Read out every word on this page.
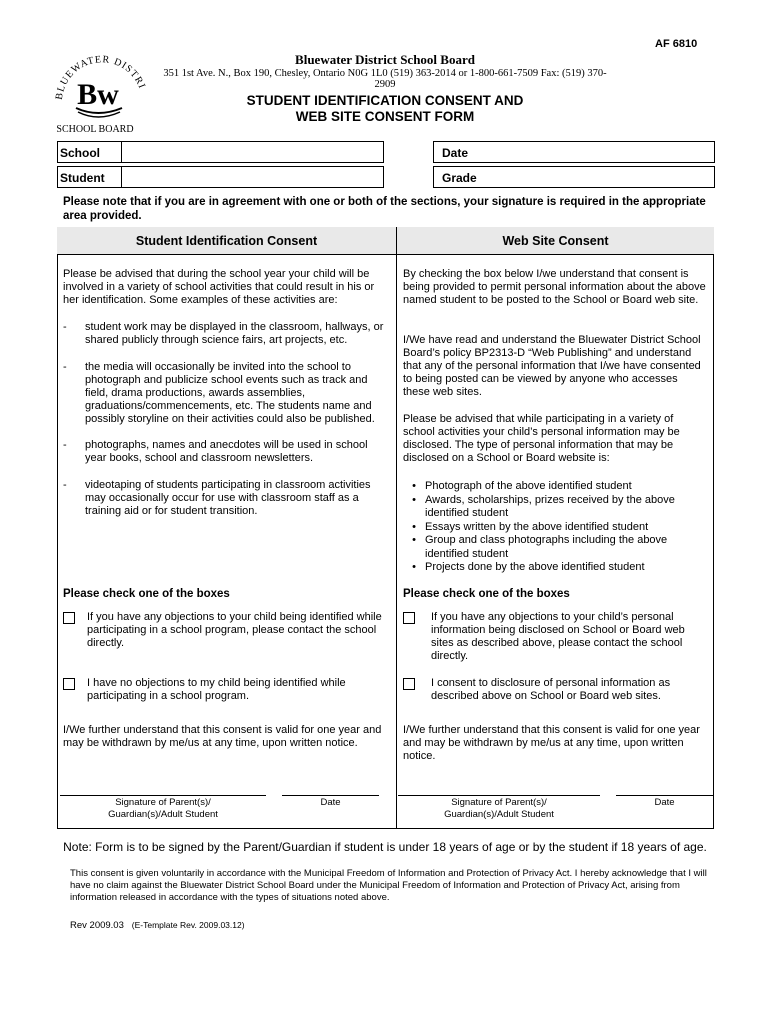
AF 6810
BLUEWATER DISTRI
Bw
SCHOOL BOARD
Bluewater District School Board
351 1st Ave. N., Box 190, Chesley, Ontario N0G 1L0 (519) 363-2014 or 1-800-661-7509 Fax: (519) 370-2909
STUDENT IDENTIFICATION CONSENT AND
WEB SITE CONSENT FORM
School	Date
Student	Grade
Please note that if you are in agreement with one or both of the sections, your signature is required in the appropriate area provided.
Student Identification Consent	Web Site Consent
Please be advised that during the school year your child will be involved in a variety of school activities that could result in his or her identification. Some examples of these activities are:
-	student work may be displayed in the classroom, hallways, or shared publicly through science fairs, art projects, etc.
-	the media will occasionally be invited into the school to photograph and publicize school events such as track and field, drama productions, awards assemblies, graduations/commencements, etc. The students name and possibly storyline on their activities could also be published.
-	photographs, names and anecdotes will be used in school year books, school and classroom newsletters.
-	videotaping of students participating in classroom activities may occasionally occur for use with classroom staff as a training aid or for student transition.
Please check one of the boxes
If you have any objections to your child being identified while participating in a school program, please contact the school directly.
I have no objections to my child being identified while participating in a school program.
I/We further understand that this consent is valid for one year and may be withdrawn by me/us at any time, upon written notice.
Signature of Parent(s)/
Guardian(s)/Adult Student
Date
By checking the box below I/we understand that consent is being provided to permit personal information about the above named student to be posted to the School or Board web site.
I/We have read and understand the Bluewater District School Board’s policy BP2313-D “Web Publishing” and understand that any of the personal information that I/we have consented to being posted can be viewed by anyone who accesses these web sites.
Please be advised that while participating in a variety of school activities your child’s personal information may be disclosed. The type of personal information that may be disclosed on a School or Board website is:
• Photograph of the above identified student
• Awards, scholarships, prizes received by the above identified student
• Essays written by the above identified student
• Group and class photographs including the above identified student
• Projects done by the above identified student
Please check one of the boxes
If you have any objections to your child’s personal information being disclosed on School or Board web sites as described above, please contact the school directly.
I consent to disclosure of personal information as described above on School or Board web sites.
I/We further understand that this consent is valid for one year and may be withdrawn by me/us at any time, upon written notice.
Signature of Parent(s)/
Guardian(s)/Adult Student
Date
Note: Form is to be signed by the Parent/Guardian if student is under 18 years of age or by the student if 18 years of age.
This consent is given voluntarily in accordance with the Municipal Freedom of Information and Protection of Privacy Act. I hereby acknowledge that I will have no claim against the Bluewater District School Board under the Municipal Freedom of Information and Protection of Privacy Act, arising from information released in accordance with the types of situations noted above.
Rev 2009.03 (E-Template Rev. 2009.03.12)
